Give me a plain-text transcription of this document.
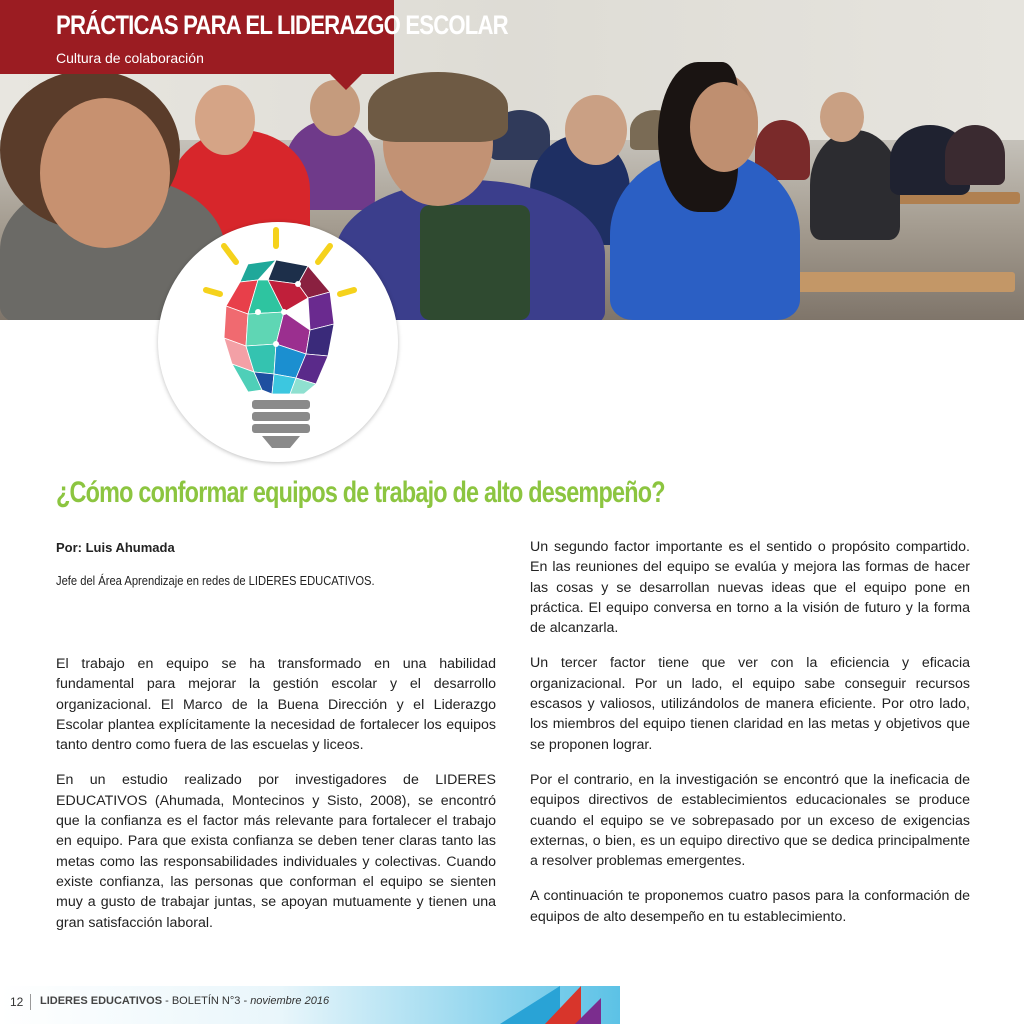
PRÁCTICAS PARA EL LIDERAZGO ESCOLAR
Cultura de colaboración
¿Cómo conformar equipos de trabajo de alto desempeño?
Por: Luis Ahumada
Jefe del Área Aprendizaje en redes de LIDERES EDUCATIVOS.

El trabajo en equipo se ha transformado en una habilidad fundamental para mejorar la gestión escolar y el desarrollo organizacional. El Marco de la Buena Dirección y el Liderazgo Escolar plantea explícitamente la necesidad de fortalecer los equipos tanto dentro como fuera de las escuelas y liceos.

En un estudio realizado por investigadores de LIDERES EDUCATIVOS (Ahumada, Montecinos y Sisto, 2008), se encontró que la confianza es el factor más relevante para fortalecer el trabajo en equipo. Para que exista confianza se deben tener claras tanto las metas como las responsabilidades individuales y colectivas. Cuando existe confianza, las personas que conforman el equipo se sienten muy a gusto de trabajar juntas, se apoyan mutuamente y tienen una gran satisfacción laboral.

Un segundo factor importante es el sentido o propósito compartido. En las reuniones del equipo se evalúa y mejora las formas de hacer las cosas y se desarrollan nuevas ideas que el equipo pone en práctica. El equipo conversa en torno a la visión de futuro y la forma de alcanzarla.

Un tercer factor tiene que ver con la eficiencia y eficacia organizacional. Por un lado, el equipo sabe conseguir recursos escasos y valiosos, utilizándolos de manera eficiente. Por otro lado, los miembros del equipo tienen claridad en las metas y objetivos que se proponen lograr.

Por el contrario, en la investigación se encontró que la ineficacia de equipos directivos de establecimientos educacionales se produce cuando el equipo se ve sobrepasado por un exceso de exigencias externas, o bien, es un equipo directivo que se dedica principalmente a resolver problemas emergentes.

A continuación te proponemos cuatro pasos para la conformación de equipos de alto desempeño en tu establecimiento.

12 LIDERES EDUCATIVOS - BOLETÍN N°3 - noviembre 2016
